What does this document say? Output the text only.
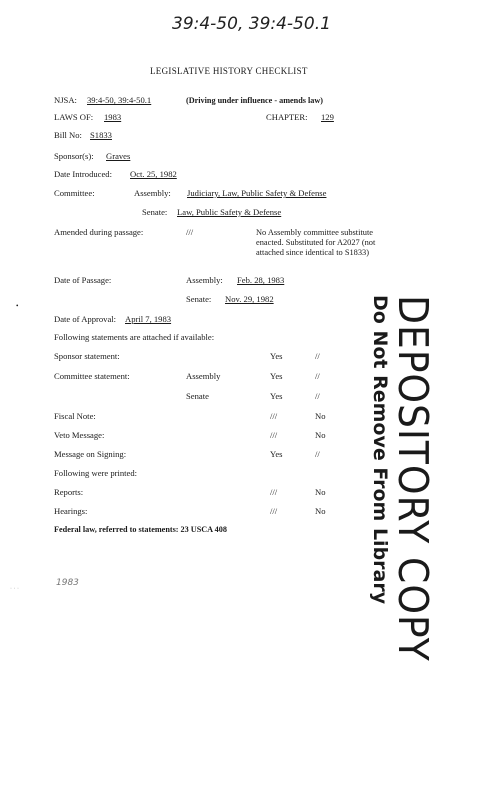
39:4-50, 39:4-50.1
LEGISLATIVE HISTORY CHECKLIST
NJSA: 39:4-50, 39:4-50.1	(Driving under influence - amends law)
LAWS OF: 1983	CHAPTER: 129
Bill No: S1833
Sponsor(s): Graves
Date Introduced: Oct. 25, 1982
Committee:	Assembly: Judiciary, Law, Public Safety & Defense
Senate: Law, Public Safety & Defense
Amended during passage:	///	No Assembly committee substitute enacted. Substituted for A2027 (not attached since identical to S1833)
•
Date of Passage:	Assembly: Feb. 28, 1983
Senate: Nov. 29, 1982
Date of Approval: April 7, 1983
Following statements are attached if available:
Sponsor statement:	Yes	//
Committee statement:	Assembly	Yes	//
Senate	Yes	//
Fiscal Note:	///	No
Veto Message:	///	No
Message on Signing:	Yes	//
Following were printed:
Reports:	///	No
Hearings:	///	No
Federal law, referred to statements: 23 USCA 408
1983
· · ·	DEPOSITORY COPY
Do Not Remove From Library
